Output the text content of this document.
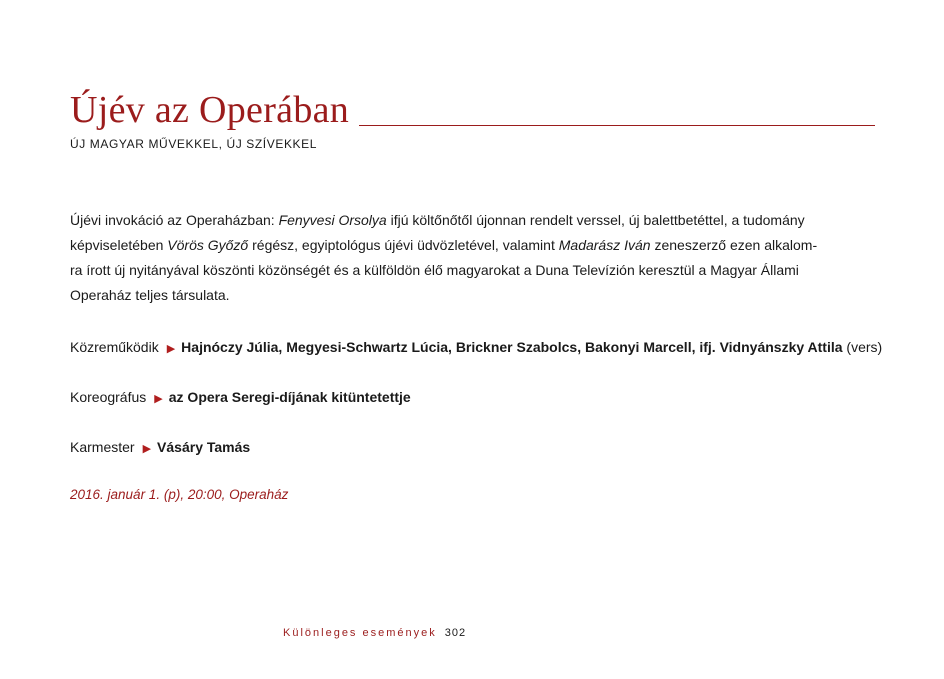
Újév az Operában
ÚJ MAGYAR MŰVEKKEL, ÚJ SZÍVEKKEL
Újévi invokáció az Operaházban: Fenyvesi Orsolya ifjú költőnőtől újonnan rendelt verssel, új balettbetéttel, a tudomány
képviseletében Vörös Győző régész, egyiptológus újévi üdvözletével, valamint Madarász Iván zeneszerző ezen alkalom-
ra írott új nyitányával köszönti közönségét és a külföldön élő magyarokat a Duna Televízión keresztül a Magyar Állami
Operaház teljes társulata.
Közreműködik ▶ Hajnóczy Júlia, Megyesi-Schwartz Lúcia, Brickner Szabolcs, Bakonyi Marcell, ifj. Vidnyánszky Attila (vers)
Koreográfus ▶ az Opera Seregi-díjának kitüntetettje
Karmester ▶ Vásáry Tamás
2016. január 1. (p), 20:00, Operaház
Különleges események 302
